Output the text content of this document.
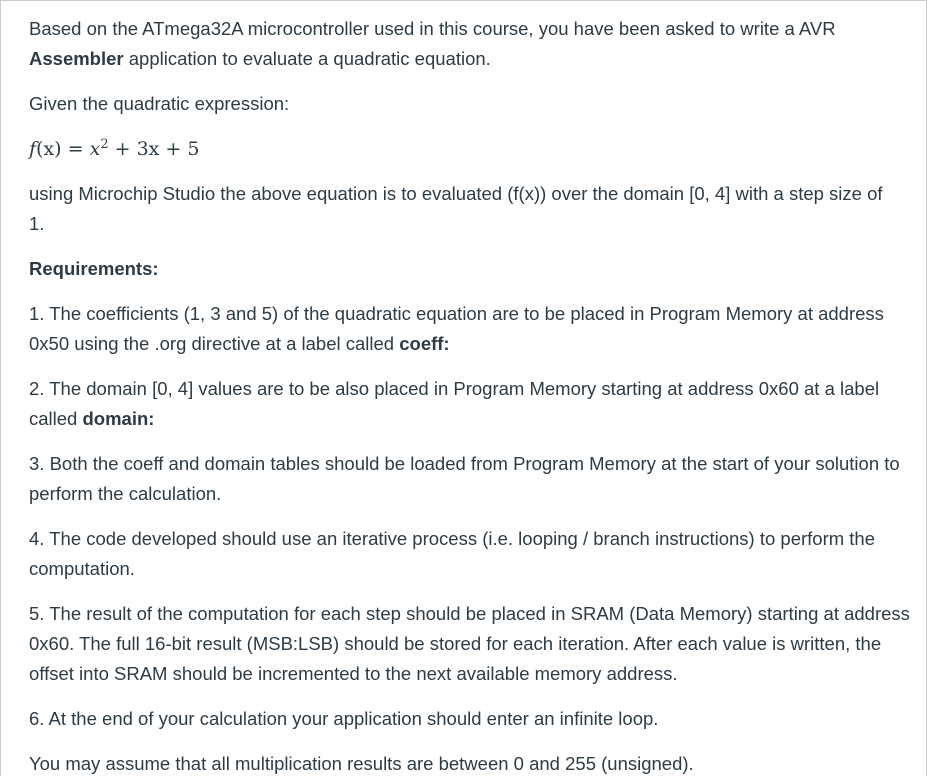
Based on the ATmega32A microcontroller used in this course, you have been asked to write a AVR Assembler application to evaluate a quadratic equation.

Given the quadratic expression:

$f(x) = x^2 + 3x + 5$

using Microchip Studio the above equation is to evaluated (f(x)) over the domain [0, 4] with a step size of 1.

Requirements:

1. The coefficients (1, 3 and 5) of the quadratic equation are to be placed in Program Memory at address 0x50 using the .org directive at a label called coeff:

2. The domain [0, 4] values are to be also placed in Program Memory starting at address 0x60 at a label called domain:

3. Both the coeff and domain tables should be loaded from Program Memory at the start of your solution to perform the calculation.

4. The code developed should use an iterative process (i.e. looping / branch instructions) to perform the computation.

5. The result of the computation for each step should be placed in SRAM (Data Memory) starting at address 0x60. The full 16-bit result (MSB:LSB) should be stored for each iteration. After each value is written, the offset into SRAM should be incremented to the next available memory address.

6. At the end of your calculation your application should enter an infinite loop.

You may assume that all multiplication results are between 0 and 255 (unsigned).
